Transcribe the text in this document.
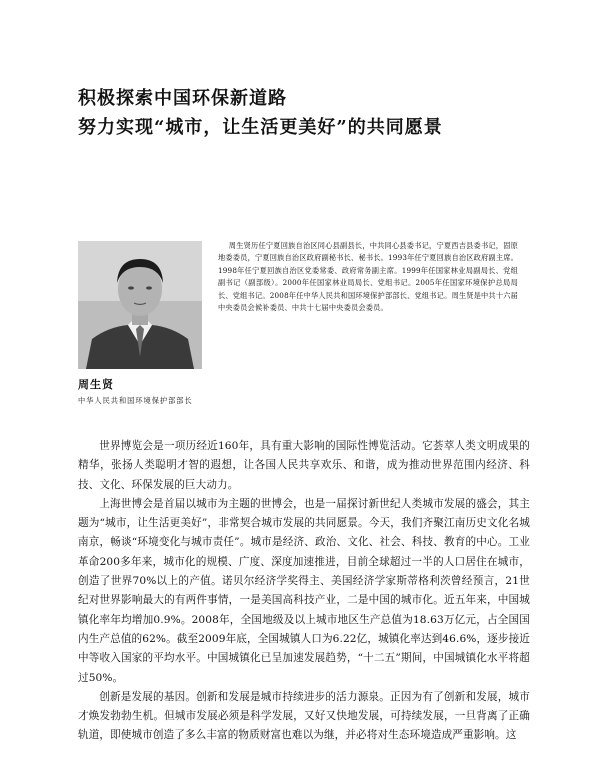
积极探索中国环保新道路
努力实现“城市，让生活更美好”的共同愿景
周生贤历任宁夏回族自治区同心县副县长，中共同心县委书记，宁夏西吉县委书记，固原地委委员，宁夏回族自治区政府副秘书长、秘书长。1993年任宁夏回族自治区政府副主席。1998年任宁夏回族自治区党委常委、政府常务副主席。1999年任国家林业局副局长、党组副书记（副部级）。2000年任国家林业局局长、党组书记。2005年任国家环境保护总局局长、党组书记。2008年任中华人民共和国环境保护部部长、党组书记。周生贤是中共十六届中央委员会候补委员、中共十七届中央委员会委员。
周生贤
中华人民共和国环境保护部部长

世界博览会是一项历经近160年，具有重大影响的国际性博览活动。它荟萃人类文明成果的精华，张扬人类聪明才智的遐想，让各国人民共享欢乐、和谐，成为推动世界范围内经济、科技、文化、环保发展的巨大动力。

上海世博会是首届以城市为主题的世博会，也是一届探讨新世纪人类城市发展的盛会，其主题为“城市，让生活更美好”，非常契合城市发展的共同愿景。今天，我们齐聚江南历史文化名城南京，畅谈“环境变化与城市责任”。城市是经济、政治、文化、社会、科技、教育的中心。工业革命200多年来，城市化的规模、广度、深度加速推进，目前全球超过一半的人口居住在城市，创造了世界70%以上的产值。诺贝尔经济学奖得主、美国经济学家斯蒂格利茨曾经预言，21世纪对世界影响最大的有两件事情，一是美国高科技产业，二是中国的城市化。近五年来，中国城镇化率年均增加0.9%。2008年，全国地级及以上城市地区生产总值为18.63万亿元，占全国国内生产总值的62%。截至2009年底，全国城镇人口为6.22亿，城镇化率达到46.6%，逐步接近中等收入国家的平均水平。中国城镇化已呈加速发展趋势，“十二五”期间，中国城镇化水平将超过50%。

创新是发展的基因。创新和发展是城市持续进步的活力源泉。正因为有了创新和发展，城市才焕发勃勃生机。但城市发展必须是科学发展，又好又快地发展，可持续发展，一旦背离了正确轨道，即使城市创造了多么丰富的物质财富也难以为继，并必将对生态环境造成严重影响。这
